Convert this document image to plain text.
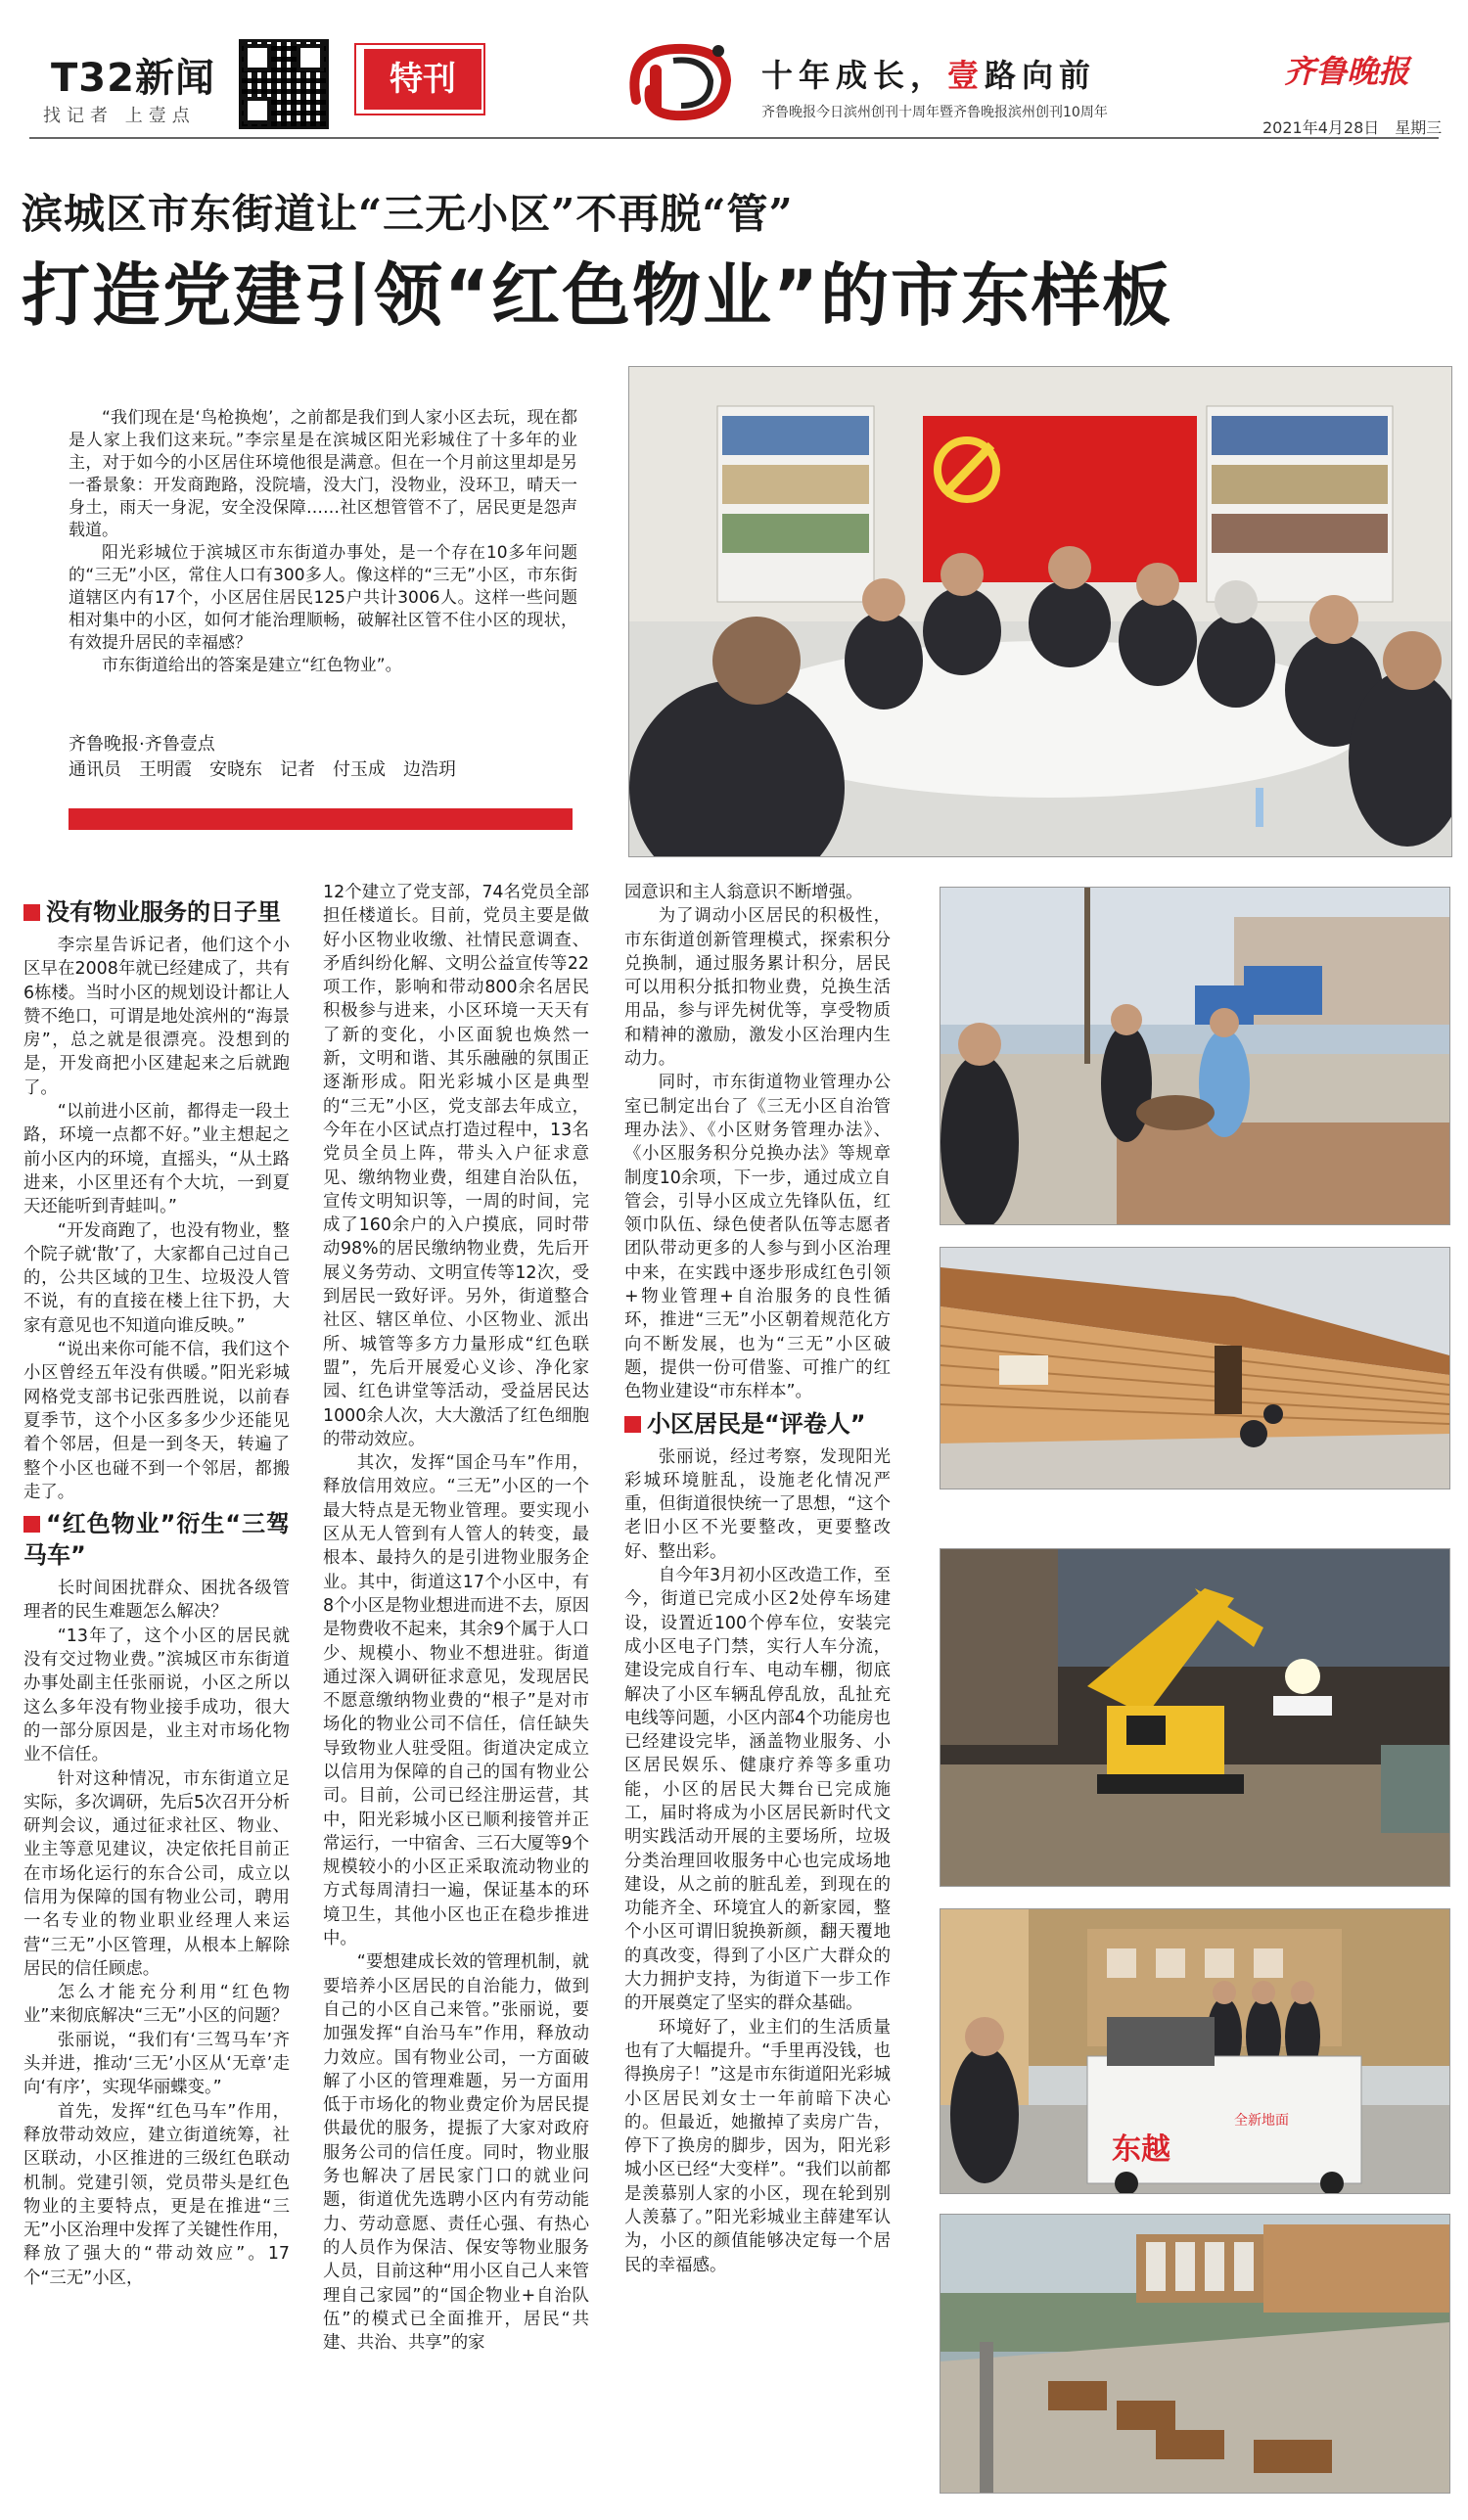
T32新闻
找记者 上壹点
特刊	十年成长，壹路向前
齐鲁晚报今日滨州创刊十周年暨齐鲁晚报滨州创刊10周年
齐鲁晚报
2021年4月28日　星期三
滨城区市东街道让“三无小区”不再脱“管”
打造党建引领“红色物业”的市东样板

“我们现在是‘鸟枪换炮’，之前都是我们到人家小区去玩，现在都是人家上我们这来玩。”李宗星是在滨城区阳光彩城住了十多年的业主，对于如今的小区居住环境他很是满意。但在一个月前这里却是另一番景象：开发商跑路，没院墙，没大门，没物业，没环卫，晴天一身土，雨天一身泥，安全没保障……社区想管管不了，居民更是怨声载道。

阳光彩城位于滨城区市东街道办事处，是一个存在10多年问题的“三无”小区，常住人口有300多人。像这样的“三无”小区，市东街道辖区内有17个，小区居住居民125户共计3006人。这样一些问题相对集中的小区，如何才能治理顺畅，破解社区管不住小区的现状，有效提升居民的幸福感？

市东街道给出的答案是建立“红色物业”。

齐鲁晚报·齐鲁壹点
通讯员　王明霞　安晓东　记者　付玉成　边浩玥
没有物业服务的日子里

李宗星告诉记者，他们这个小区早在2008年就已经建成了，共有6栋楼。当时小区的规划设计都让人赞不绝口，可谓是地处滨州的“海景房”，总之就是很漂亮。没想到的是，开发商把小区建起来之后就跑了。

“以前进小区前，都得走一段土路，环境一点都不好。”业主想起之前小区内的环境，直摇头，“从土路进来，小区里还有个大坑，一到夏天还能听到青蛙叫。”

“开发商跑了，也没有物业，整个院子就‘散’了，大家都自己过自己的，公共区域的卫生、垃圾没人管不说，有的直接在楼上往下扔，大家有意见也不知道向谁反映。”

“说出来你可能不信，我们这个小区曾经五年没有供暖。”阳光彩城网格党支部书记张西胜说，以前春夏季节，这个小区多多少少还能见着个邻居，但是一到冬天，转遍了整个小区也碰不到一个邻居，都搬走了。

“红色物业”衍生“三驾马车”

长时间困扰群众、困扰各级管理者的民生难题怎么解决？

“13年了，这个小区的居民就没有交过物业费。”滨城区市东街道办事处副主任张丽说，小区之所以这么多年没有物业接手成功，很大的一部分原因是，业主对市场化物业不信任。

针对这种情况，市东街道立足实际，多次调研，先后5次召开分析研判会议，通过征求社区、物业、业主等意见建议，决定依托目前正在市场化运行的东合公司，成立以信用为保障的国有物业公司，聘用一名专业的物业职业经理人来运营“三无”小区管理，从根本上解除居民的信任顾虑。

怎么才能充分利用“红色物业”来彻底解决“三无”小区的问题？

张丽说，“我们有‘三驾马车’齐头并进，推动‘三无’小区从‘无章’走向‘有序’，实现华丽蝶变。”

首先，发挥“红色马车”作用，释放带动效应，建立街道统筹，社区联动，小区推进的三级红色联动机制。党建引领，党员带头是红色物业的主要特点，更是在推进“三无”小区治理中发挥了关键性作用，释放了强大的“带动效应”。17个“三无”小区，

12个建立了党支部，74名党员全部担任楼道长。目前，党员主要是做好小区物业收缴、社情民意调查、矛盾纠纷化解、文明公益宣传等22项工作，影响和带动800余名居民积极参与进来，小区环境一天天有了新的变化，小区面貌也焕然一新，文明和谐、其乐融融的氛围正逐渐形成。阳光彩城小区是典型的“三无”小区，党支部去年成立，今年在小区试点打造过程中，13名党员全员上阵，带头入户征求意见、缴纳物业费，组建自治队伍，宣传文明知识等，一周的时间，完成了160余户的入户摸底，同时带动98%的居民缴纳物业费，先后开展义务劳动、文明宣传等12次，受到居民一致好评。另外，街道整合社区、辖区单位、小区物业、派出所、城管等多方力量形成“红色联盟”，先后开展爱心义诊、净化家园、红色讲堂等活动，受益居民达1000余人次，大大激活了红色细胞的带动效应。

其次，发挥“国企马车”作用，释放信用效应。“三无”小区的一个最大特点是无物业管理。要实现小区从无人管到有人管人的转变，最根本、最持久的是引进物业服务企业。其中，街道这17个小区中，有8个小区是物业想进而进不去，原因是物费收不起来，其余9个属于人口少、规模小、物业不想进驻。街道通过深入调研征求意见，发现居民不愿意缴纳物业费的“根子”是对市场化的物业公司不信任，信任缺失导致物业人驻受阻。街道决定成立以信用为保障的自己的国有物业公司。目前，公司已经注册运营，其中，阳光彩城小区已顺利接管并正常运行，一中宿舍、三石大厦等9个规模较小的小区正采取流动物业的方式每周清扫一遍，保证基本的环境卫生，其他小区也正在稳步推进中。

“要想建成长效的管理机制，就要培养小区居民的自治能力，做到自己的小区自己来管。”张丽说，要加强发挥“自治马车”作用，释放动力效应。国有物业公司，一方面破解了小区的管理难题，另一方面用低于市场化的物业费定价为居民提供最优的服务，提振了大家对政府服务公司的信任度。同时，物业服务也解决了居民家门口的就业问题，街道优先选聘小区内有劳动能力、劳动意愿、责任心强、有热心的人员作为保洁、保安等物业服务人员，目前这种“用小区自己人来管理自己家园”的“国企物业+自治队伍”的模式已全面推开，居民“共建、共治、共享”的家

园意识和主人翁意识不断增强。

为了调动小区居民的积极性，市东街道创新管理模式，探索积分兑换制，通过服务累计积分，居民可以用积分抵扣物业费，兑换生活用品，参与评先树优等，享受物质和精神的激励，激发小区治理内生动力。

同时，市东街道物业管理办公室已制定出台了《三无小区自治管理办法》、《小区财务管理办法》、《小区服务积分兑换办法》等规章制度10余项，下一步，通过成立自管会，引导小区成立先锋队伍，红领巾队伍、绿色使者队伍等志愿者团队带动更多的人参与到小区治理中来，在实践中逐步形成红色引领+物业管理+自治服务的良性循环，推进“三无”小区朝着规范化方向不断发展，也为“三无”小区破题，提供一份可借鉴、可推广的红色物业建设“市东样本”。

小区居民是“评卷人”

张丽说，经过考察，发现阳光彩城环境脏乱，设施老化情况严重，但街道很快统一了思想，“这个老旧小区不光要整改，更要整改好、整出彩。

自今年3月初小区改造工作，至今，街道已完成小区2处停车场建设，设置近100个停车位，安装完成小区电子门禁，实行人车分流，建设完成自行车、电动车棚，彻底解决了小区车辆乱停乱放，乱扯充电线等问题，小区内部4个功能房也已经建设完毕，涵盖物业服务、小区居民娱乐、健康疗养等多重功能，小区的居民大舞台已完成施工，届时将成为小区居民新时代文明实践活动开展的主要场所，垃圾分类治理回收服务中心也完成场地建设，从之前的脏乱差，到现在的功能齐全、环境宜人的新家园，整个小区可谓旧貌换新颜，翻天覆地的真改变，得到了小区广大群众的大力拥护支持，为街道下一步工作的开展奠定了坚实的群众基础。

环境好了，业主们的生活质量也有了大幅提升。“手里再没钱，也得换房子！”这是市东街道阳光彩城小区居民刘女士一年前暗下决心的。但最近，她撤掉了卖房广告，停下了换房的脚步，因为，阳光彩城小区已经“大变样”。“我们以前都是羡慕别人家的小区，现在轮到别人羡慕了。”阳光彩城业主薛建军认为，小区的颜值能够决定每一个居民的幸福感。

东越
全新地面
